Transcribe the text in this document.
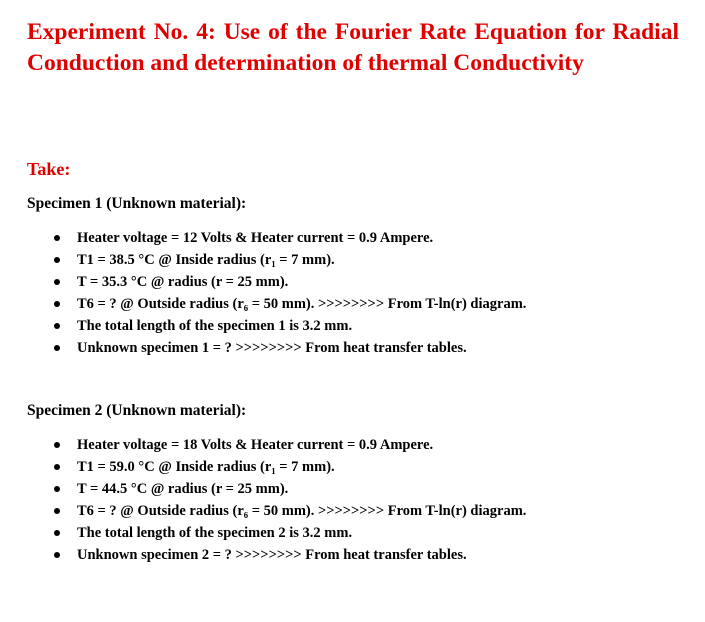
Experiment No. 4: Use of the Fourier Rate Equation for Radial Conduction and determination of thermal Conductivity
Take:
Specimen 1 (Unknown material):
Heater voltage = 12 Volts & Heater current = 0.9 Ampere.
T1 = 38.5 °C @ Inside radius (r₁ = 7 mm).
T = 35.3 °C @ radius (r = 25 mm).
T6 = ? @ Outside radius (r₆ = 50 mm). >>>>>>>> From T-ln(r) diagram.
The total length of the specimen 1 is 3.2 mm.
Unknown specimen 1 = ? >>>>>>>> From heat transfer tables.
Specimen 2 (Unknown material):
Heater voltage = 18 Volts & Heater current = 0.9 Ampere.
T1 = 59.0 °C @ Inside radius (r₁ = 7 mm).
T = 44.5 °C @ radius (r = 25 mm).
T6 = ? @ Outside radius (r₆ = 50 mm). >>>>>>>> From T-ln(r) diagram.
The total length of the specimen 2 is 3.2 mm.
Unknown specimen 2 = ? >>>>>>>> From heat transfer tables.
